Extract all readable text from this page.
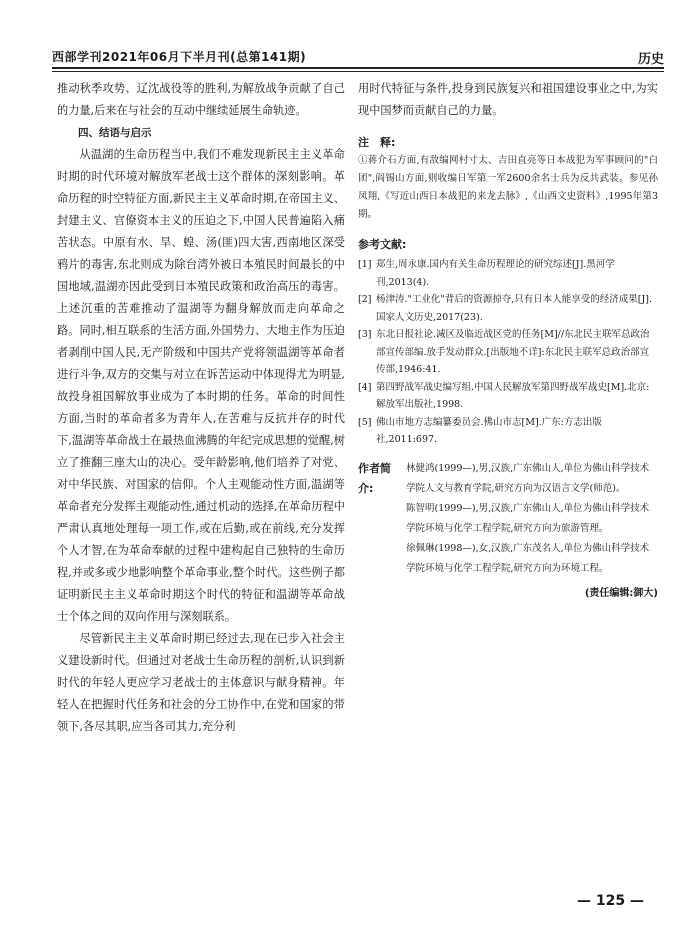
西部学刊2021年06月下半月刊(总第141期)	历史

推动秋季攻势、辽沈战役等的胜利,为解放战争贡献了自己的力量,后来在与社会的互动中继续延展生命轨迹。

四、结语与启示

从温湖的生命历程当中,我们不难发现新民主主义革命时期的时代环境对解放军老战士这个群体的深刻影响。革命历程的时空特征方面,新民主主义革命时期,在帝国主义、封建主义、官僚资本主义的压迫之下,中国人民普遍陷入痛苦状态。中原有水、旱、蝗、汤(匪)四大害,西南地区深受鸦片的毒害,东北则成为除台湾外被日本殖民时间最长的中国地域,温湖亦因此受到日本殖民政策和政治高压的毒害。上述沉重的苦难推动了温湖等为翻身解放而走向革命之路。同时,相互联系的生活方面,外国势力、大地主作为压迫者剥削中国人民,无产阶级和中国共产党将领温湖等革命者进行斗争,双方的交集与对立在诉苦运动中体现得尤为明显,故投身祖国解放事业成为了本时期的任务。革命的时间性方面,当时的革命者多为青年人,在苦难与反抗并存的时代下,温湖等革命战士在最热血沸腾的年纪完成思想的觉醒,树立了推翻三座大山的决心。受年龄影响,他们培养了对党、对中华民族、对国家的信仰。个人主观能动性方面,温湖等革命者充分发挥主观能动性,通过机动的选择,在革命历程中严肃认真地处理每一项工作,或在后勤,或在前线,充分发挥个人才智,在为革命奉献的过程中建构起自己独特的生命历程,并或多或少地影响整个革命事业,整个时代。这些例子都证明新民主主义革命时期这个时代的特征和温湖等革命战士个体之间的双向作用与深刻联系。

尽管新民主主义革命时期已经过去,现在已步入社会主义建设新时代。但通过对老战士生命历程的剖析,认识到新时代的年轻人更应学习老战士的主体意识与献身精神。年轻人在把握时代任务和社会的分工协作中,在党和国家的带领下,各尽其职,应当各司其力,充分利

用时代特征与条件,投身到民族复兴和祖国建设事业之中,为实现中国梦而贡献自己的力量。

注　释:

①蒋介石方面,有敌编网村寸太、吉田直亮等日本战犯为军事顾问的"白团",阎锡山方面,则收编日军第一军2600余名士兵为反共武装。参见孙凤翔,《写近山西日本战犯的来龙去脉》,《山西文史资料》,1995年第3期。

参考文献:
[1] 郑生,周永康.国内有关生命历程理论的研究综述[J].黑河学刊,2013(4).
[2] 杨津涛."工业化"背后的资源掠夺,只有日本人能享受的经济成果[J].国家人文历史,2017(23).
[3] 东北日报社论.减区及临近战区党的任务[M]//东北民主联军总政治部宣传部编.放手发动群众.[出版地不详]:东北民主联军总政治部宣传部,1946:41.
[4] 第四野战军战史编写组.中国人民解放军第四野战军战史[M].北京:解放军出版社,1998.
[5] 佛山市地方志编纂委员会.佛山市志[M].广东:方志出版社,2011:697.
作者简介:
林健鸿(1999—),男,汉族,广东佛山人,单位为佛山科学技术学院人文与教育学院,研究方向为汉语言文学(师范)。
陈智明(1999—),男,汉族,广东佛山人,单位为佛山科学技术学院环境与化学工程学院,研究方向为旅游管理。
徐佩琳(1998—),女,汉族,广东茂名人,单位为佛山科学技术学院环境与化学工程学院,研究方向为环境工程。
(责任编辑:御大)
— 125 —
